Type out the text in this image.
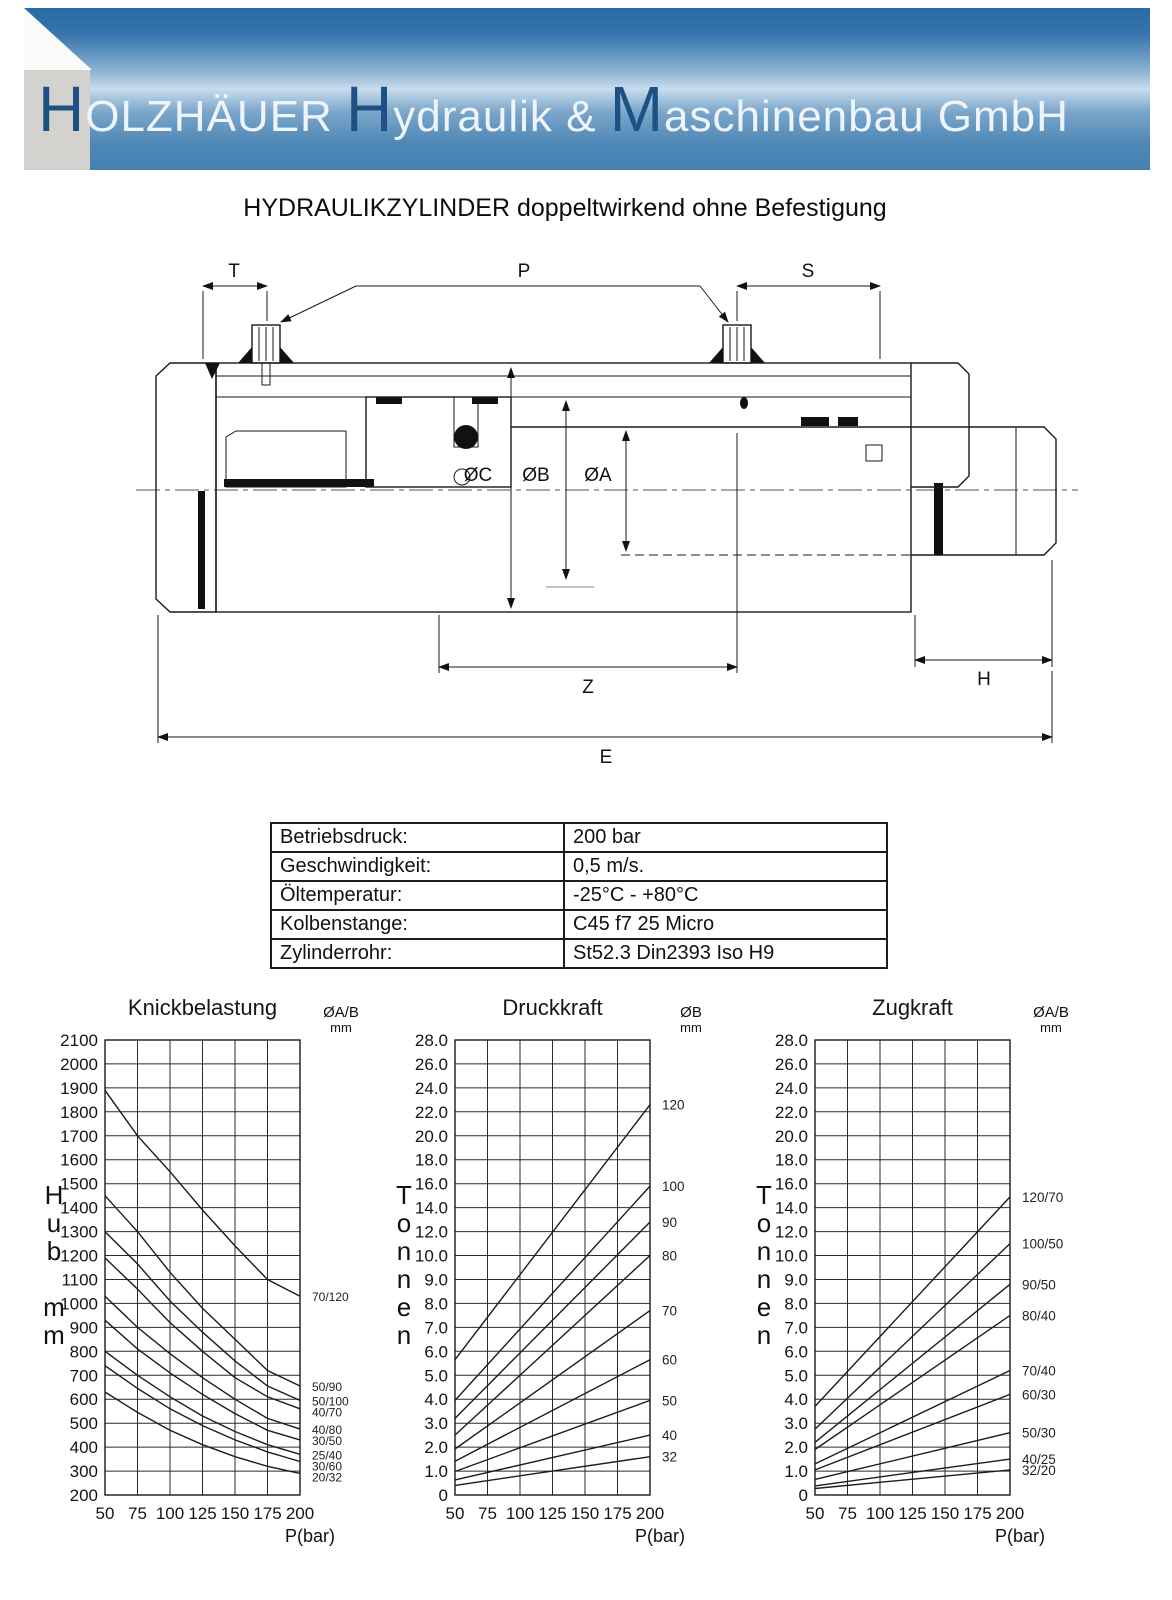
HOLZHÄUER Hydraulik & Maschinenbau GmbH
HYDRAULIKZYLINDER doppeltwirkend ohne Befestigung
ØC ØB ØA
T	P	S
Z	H
E
Betriebsdruck:	200 bar
Geschwindigkeit:	0,5 m/s.
Öltemperatur:	-25°C - +80°C
Kolbenstange:	C45 f7 25 Micro
Zylinderrohr:	St52.3 Din2393 Iso H9
Knickbelastung	ØA/B
mm
H
u
b

m
m
200
300
400
500
600
700
800
900
1000
1100
1200
1300
1400
1500
1600
1700
1800
1900
2000
2100
50 75 100 125 150 175 200
70/120
50/90
50/100
40/70
40/80
30/50
25/40
30/60
20/32
P(bar)
Druckkraft	ØB
mm
T
o
n
n
e
n
0
1.0
2.0
3.0
4.0
5.0
6.0
7.0
8.0
9.0
10.0
12.0
14.0
16.0
18.0
20.0
22.0
24.0
26.0
28.0
50 75 100 125 150 175 200
120
100
90
80
70
60
50
40
32
P(bar)
Zugkraft	ØA/B
mm
T
o
n
n
e
n
0
1.0
2.0
3.0
4.0
5.0
6.0
7.0
8.0
9.0
10.0
12.0
14.0
16.0
18.0
20.0
22.0
24.0
26.0
28.0
50 75 100 125 150 175 200
120/70
100/50
90/50
80/40
70/40
60/30
50/30
40/25
32/20
P(bar)
